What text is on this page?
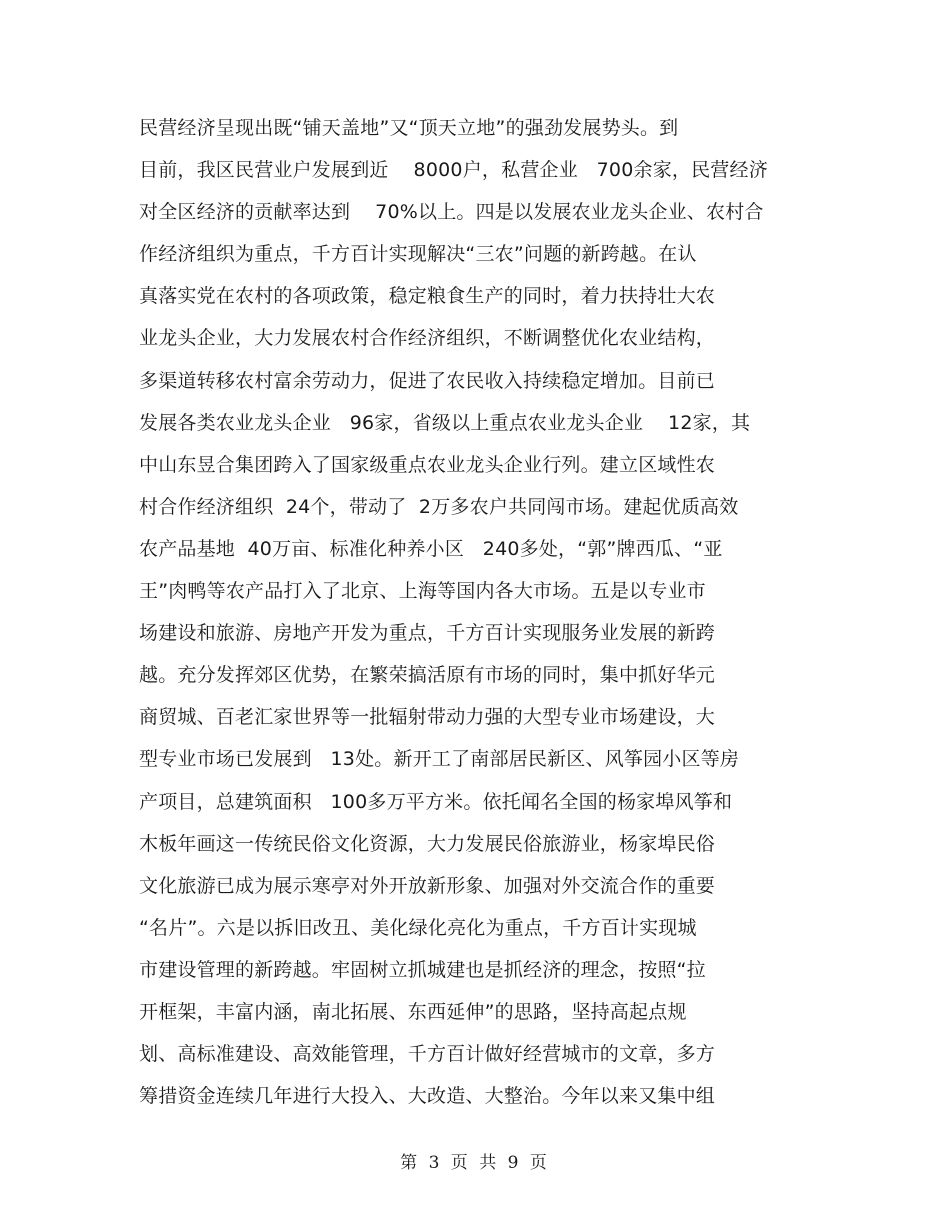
民营经济呈现出既“铺天盖地”又“顶天立地”的强劲发展势头。到
目前，我区民营业户发展到近    8000户，私营企业   700余家，民营经济
对全区经济的贡献率达到    70%以上。四是以发展农业龙头企业、农村合
作经济组织为重点，千方百计实现解决“三农”问题的新跨越。在认
真落实党在农村的各项政策，稳定粮食生产的同时，着力扶持壮大农
业龙头企业，大力发展农村合作经济组织，不断调整优化农业结构，
多渠道转移农村富余劳动力，促进了农民收入持续稳定增加。目前已
发展各类农业龙头企业   96家，省级以上重点农业龙头企业    12家，其
中山东昱合集团跨入了国家级重点农业龙头企业行列。建立区域性农
村合作经济组织  24个，带动了  2万多农户共同闯市场。建起优质高效
农产品基地  40万亩、标准化种养小区   240多处，“郭”牌西瓜、“亚
王”肉鸭等农产品打入了北京、上海等国内各大市场。五是以专业市
场建设和旅游、房地产开发为重点，千方百计实现服务业发展的新跨
越。充分发挥郊区优势，在繁荣搞活原有市场的同时，集中抓好华元
商贸城、百老汇家世界等一批辐射带动力强的大型专业市场建设，大
型专业市场已发展到   13处。新开工了南部居民新区、风筝园小区等房
产项目，总建筑面积   100多万平方米。依托闻名全国的杨家埠风筝和
木板年画这一传统民俗文化资源，大力发展民俗旅游业，杨家埠民俗
文化旅游已成为展示寒亭对外开放新形象、加强对外交流合作的重要
“名片”。六是以拆旧改丑、美化绿化亮化为重点，千方百计实现城
市建设管理的新跨越。牢固树立抓城建也是抓经济的理念，按照“拉
开框架，丰富内涵，南北拓展、东西延伸”的思路，坚持高起点规
划、高标准建设、高效能管理，千方百计做好经营城市的文章，多方
筹措资金连续几年进行大投入、大改造、大整治。今年以来又集中组
第 3 页 共 9 页
